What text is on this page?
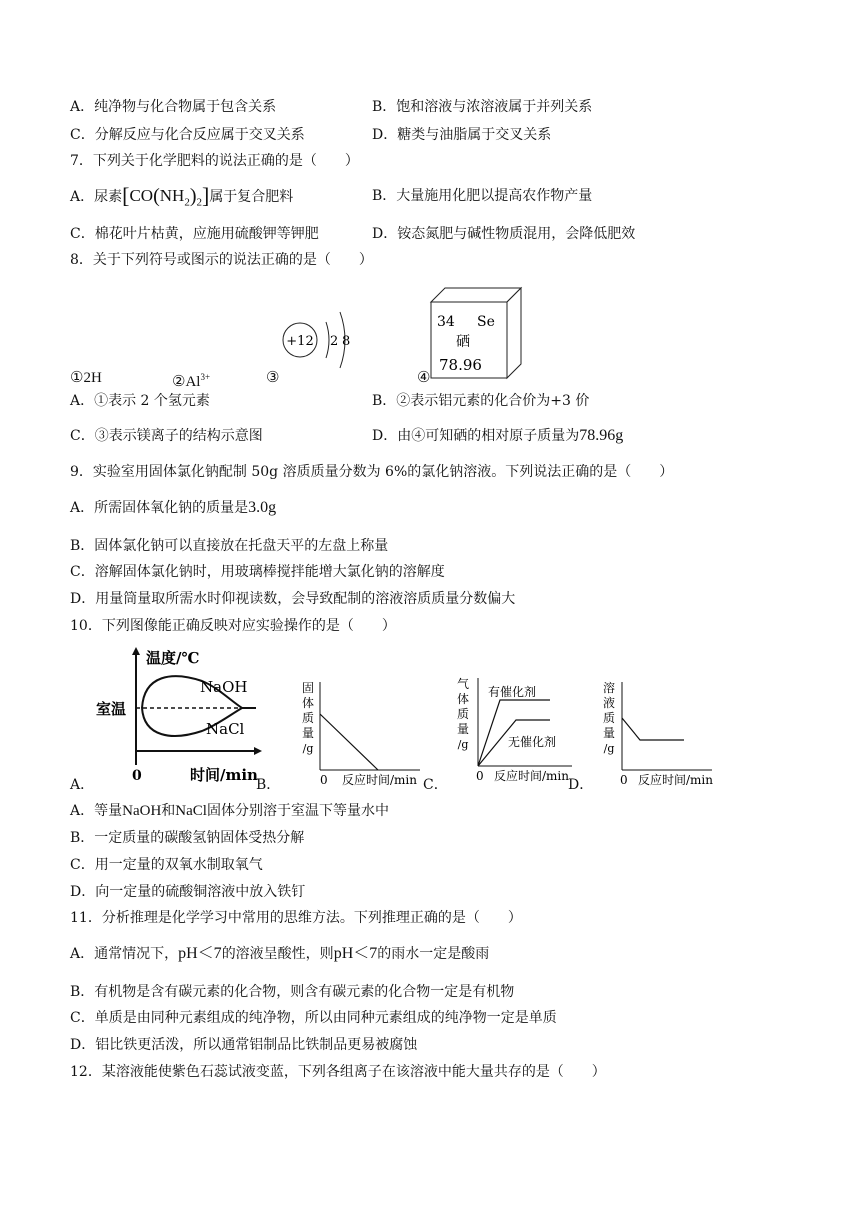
A．纯净物与化合物属于包含关系	B．饱和溶液与浓溶液属于并列关系
C．分解反应与化合反应属于交叉关系	D．糖类与油脂属于交叉关系
7．下列关于化学肥料的说法正确的是（　　）
A．尿素$[CO(NH_2)_2]$属于复合肥料	B．大量施用化肥以提高农作物产量
C．棉花叶片枯黄，应施用硫酸钾等钾肥	D．铵态氮肥与碱性物质混用，会降低肥效
8．关于下列符号或图示的说法正确的是（　　）
+12 2 8
34 Se
硒
78.96
①2H	$②Al^{3+}$	③	④
A．①表示 2 个氢元素	B．②表示铝元素的化合价为+3 价
C．③表示镁离子的结构示意图	D．由④可知硒的相对原子质量为78.96g
9．实验室用固体氯化钠配制 50g 溶质质量分数为 6%的氯化钠溶液。下列说法正确的是（　　）
A．所需固体氧化钠的质量是3.0g
B．固体氯化钠可以直接放在托盘天平的左盘上称量
C．溶解固体氯化钠时，用玻璃棒搅拌能增大氯化钠的溶解度
D．用量筒量取所需水时仰视读数，会导致配制的溶液溶质质量分数偏大
10．下列图像能正确反映对应实验操作的是（　　）
温度/℃
时间/min
0
室温
NaOH
NaCl
A．
固
体
质
量
/g
0 反应时间/min
B．
气
体
质
量
/g
有催化剂
无催化剂
0 反应时间/min
C．
溶
液
质
量
/g
0 反应时间/min
D．
A．等量NaOH和NaCl固体分别溶于室温下等量水中
B．一定质量的碳酸氢钠固体受热分解
C．用一定量的双氧水制取氧气
D．向一定量的硫酸铜溶液中放入铁钉
11．分析推理是化学学习中常用的思维方法。下列推理正确的是（　　）
A．通常情况下，pH＜7的溶液呈酸性，则pH＜7的雨水一定是酸雨
B．有机物是含有碳元素的化合物，则含有碳元素的化合物一定是有机物
C．单质是由同种元素组成的纯净物，所以由同种元素组成的纯净物一定是单质
D．铝比铁更活泼，所以通常铝制品比铁制品更易被腐蚀
12．某溶液能使紫色石蕊试液变蓝，下列各组离子在该溶液中能大量共存的是（　　）
